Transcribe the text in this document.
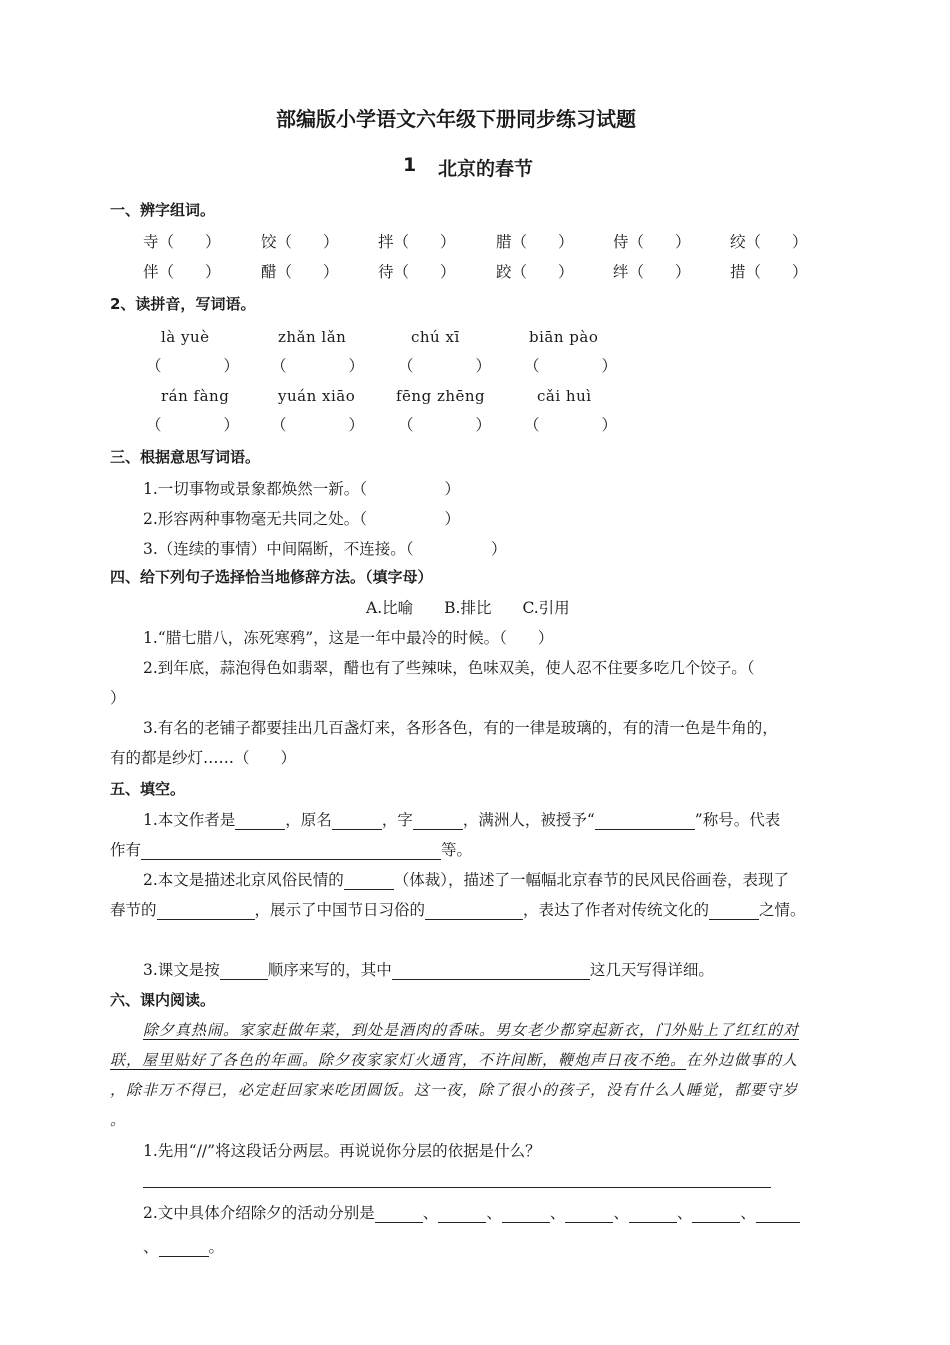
部编版小学语文六年级下册同步练习试题
1 北京的春节
一、辨字组词。
寺（　　）	饺（　　）	拌（　　）	腊（　　）	侍（　　）	绞（　　）
伴（　　）	醋（　　）	待（　　）	跤（　　）	绊（　　）	措（　　）
2、读拼音，写词语。
là yuè	zhǎn lǎn	chú xī	biān pào
（　　　　） （　　　　） （　　　　） （　　　　）
rán fàng	yuán xiāo	fēng zhēng	cǎi huì
（　　　　） （　　　　） （　　　　） （　　　　）
三、根据意思写词语。
1.一切事物或景象都焕然一新。（　　　　　）
2.形容两种事物毫无共同之处。（　　　　　）
3.（连续的事情）中间隔断，不连接。（　　　　　）
四、给下列句子选择恰当地修辞方法。（填字母）
A.比喻　　B.排比　　C.引用
1.“腊七腊八，冻死寒鸦”，这是一年中最冷的时候。（　　）
2.到年底，蒜泡得色如翡翠，醋也有了些辣味，色味双美，使人忍不住要多吃几个饺子。（
）
3.有名的老铺子都要挂出几百盏灯来，各形各色，有的一律是玻璃的，有的清一色是牛角的，
有的都是纱灯……（　　）
五、填空。
1.本文作者是	，原名	，字	，满洲人，被授予“	”称号。代表
作有	等。
2.本文是描述北京风俗民情的	（体裁），描述了一幅幅北京春节的民风民俗画卷，表现了
春节的	，展示了中国节日习俗的	，表达了作者对传统文化的	之情。
3.课文是按	顺序来写的，其中	这几天写得详细。
六、课内阅读。
除夕真热闹。家家赶做年菜，到处是酒肉的香味。男女老少都穿起新衣，门外贴上了红红的对
联，屋里贴好了各色的年画。除夕夜家家灯火通宵，不许间断，鞭炮声日夜不绝。在外边做事的人
，除非万不得已，必定赶回家来吃团圆饭。这一夜，除了很小的孩子，没有什么人睡觉，都要守岁
。
1.先用“//”将这段话分两层。再说说你分层的依据是什么？
2.文中具体介绍除夕的活动分别是	、	、	、	、	、	、
、	。
